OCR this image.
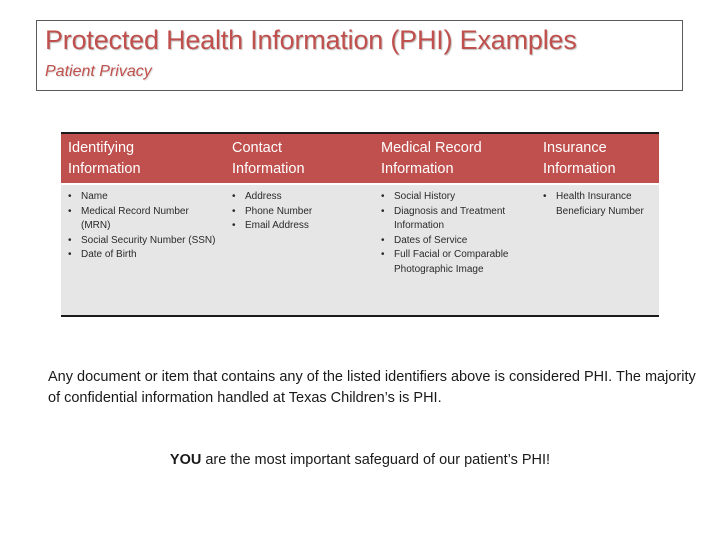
Protected Health Information (PHI) Examples

Patient Privacy

Identifying
Information
Contact
Information
Medical Record
Information
Insurance
Information
• Name
• Medical Record Number (MRN)
• Social Security Number (SSN)
• Date of Birth
• Address
• Phone Number
• Email Address
• Social History
• Diagnosis and Treatment Information
• Dates of Service
• Full Facial or Comparable Photographic Image
• Health Insurance Beneficiary Number

Any document or item that contains any of the listed identifiers above is considered PHI. The majority of confidential information handled at Texas Children’s is PHI.

YOU are the most important safeguard of our patient’s PHI!
